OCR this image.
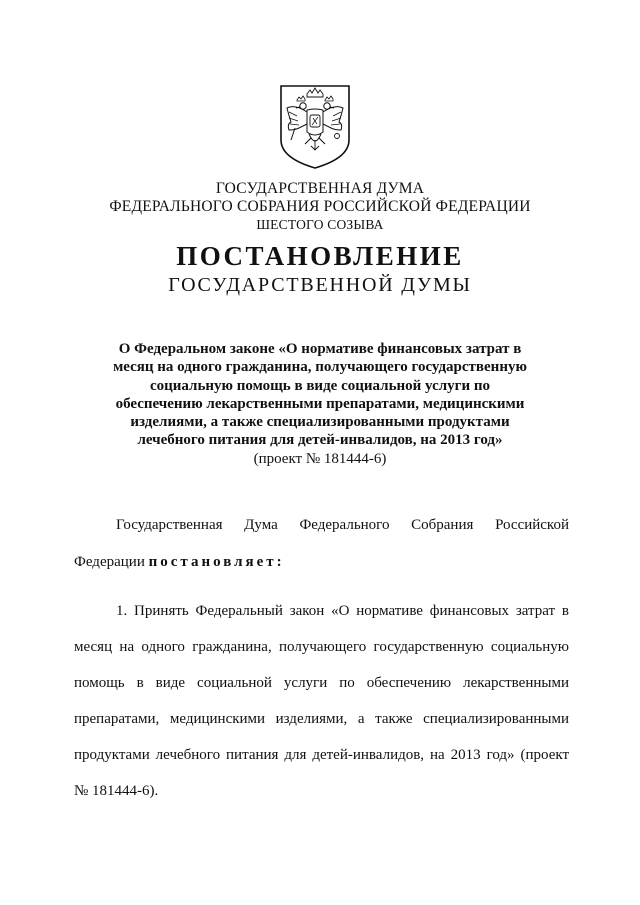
ГОСУДАРСТВЕННАЯ ДУМА
ФЕДЕРАЛЬНОГО СОБРАНИЯ РОССИЙСКОЙ ФЕДЕРАЦИИ
ШЕСТОГО СОЗЫВА
ПОСТАНОВЛЕНИЕ
ГОСУДАРСТВЕННОЙ ДУМЫ
О Федеральном законе «О нормативе финансовых затрат в
месяц на одного гражданина, получающего государственную
социальную помощь в виде социальной услуги по
обеспечению лекарственными препаратами, медицинскими
изделиями, а также специализированными продуктами
лечебного питания для детей-инвалидов, на 2013 год»
(проект № 181444-6)
Государственная Дума Федерального Собрания Российской
Федерации постановляет:
1. Принять Федеральный закон «О нормативе финансовых затрат в
месяц на одного гражданина, получающего государственную социальную
помощь в виде социальной услуги по обеспечению лекарственными
препаратами, медицинскими изделиями, а также специализированными
продуктами лечебного питания для детей-инвалидов, на 2013 год» (проект
№ 181444-6).
